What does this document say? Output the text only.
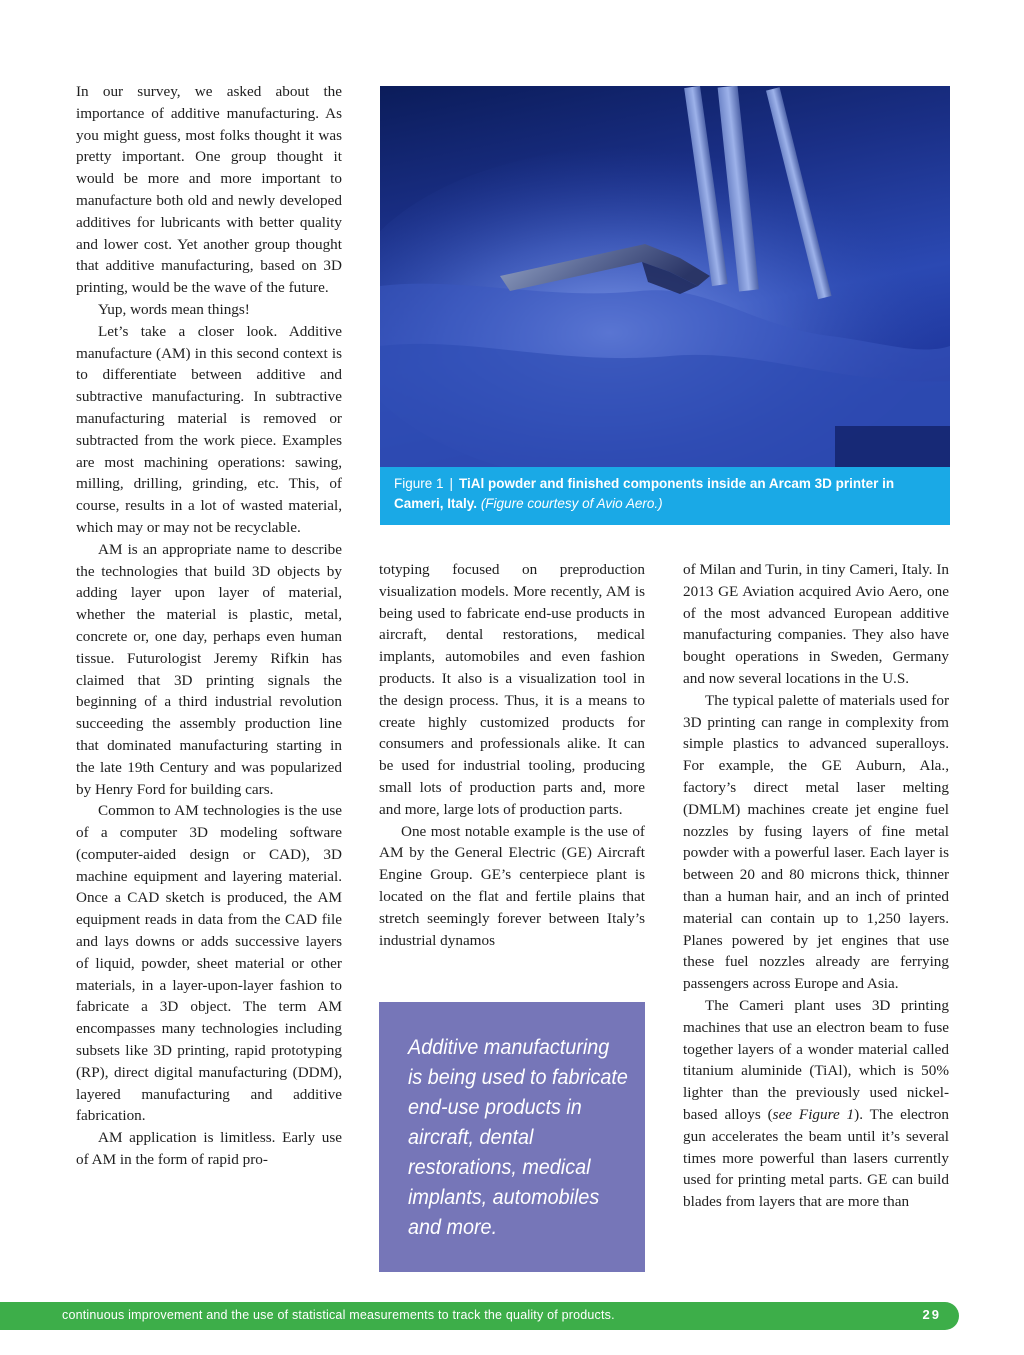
In our survey, we asked about the importance of additive manufacturing. As you might guess, most folks thought it was pretty important. One group thought it would be more and more important to manufacture both old and newly developed additives for lubricants with better quality and lower cost. Yet another group thought that additive manufacturing, based on 3D printing, would be the wave of the future.

Yup, words mean things!

Let’s take a closer look. Additive manufacture (AM) in this second context is to differentiate between additive and subtractive manufacturing. In subtractive manufacturing material is removed or subtracted from the work piece. Examples are most machining operations: sawing, milling, drilling, grinding, etc. This, of course, results in a lot of wasted material, which may or may not be recyclable.

AM is an appropriate name to describe the technologies that build 3D objects by adding layer upon layer of material, whether the material is plastic, metal, concrete or, one day, perhaps even human tissue. Futurologist Jeremy Rifkin has claimed that 3D printing signals the beginning of a third industrial revolution succeeding the assembly production line that dominated manufacturing starting in the late 19th Century and was popularized by Henry Ford for building cars.

Common to AM technologies is the use of a computer 3D modeling software (computer-aided design or CAD), 3D machine equipment and layering material. Once a CAD sketch is produced, the AM equipment reads in data from the CAD file and lays downs or adds successive layers of liquid, powder, sheet material or other materials, in a layer-upon-layer fashion to fabricate a 3D object. The term AM encompasses many technologies including subsets like 3D printing, rapid prototyping (RP), direct digital manufacturing (DDM), layered manufacturing and additive fabrication.

AM application is limitless. Early use of AM in the form of rapid pro-

Figure 1 | TiAl powder and finished components inside an Arcam 3D printer in Cameri, Italy. (Figure courtesy of Avio Aero.)

totyping focused on preproduction visualization models. More recently, AM is being used to fabricate end-use products in aircraft, dental restorations, medical implants, automobiles and even fashion products. It also is a visualization tool in the design process. Thus, it is a means to create highly customized products for consumers and professionals alike. It can be used for industrial tooling, producing small lots of production parts and, more and more, large lots of production parts.

One most notable example is the use of AM by the General Electric (GE) Aircraft Engine Group. GE’s centerpiece plant is located on the flat and fertile plains that stretch seemingly forever between Italy’s industrial dynamos

Additive manufacturing is being used to fabricate end-use products in aircraft, dental restorations, medical implants, automobiles and more.

of Milan and Turin, in tiny Cameri, Italy. In 2013 GE Aviation acquired Avio Aero, one of the most advanced European additive manufacturing companies. They also have bought operations in Sweden, Germany and now several locations in the U.S.

The typical palette of materials used for 3D printing can range in complexity from simple plastics to advanced superalloys. For example, the GE Auburn, Ala., factory’s direct metal laser melting (DMLM) machines create jet engine fuel nozzles by fusing layers of fine metal powder with a powerful laser. Each layer is between 20 and 80 microns thick, thinner than a human hair, and an inch of printed material can contain up to 1,250 layers. Planes powered by jet engines that use these fuel nozzles already are ferrying passengers across Europe and Asia.

The Cameri plant uses 3D printing machines that use an electron beam to fuse together layers of a wonder material called titanium aluminide (TiAl), which is 50% lighter than the previously used nickel-based alloys (see Figure 1). The electron gun accelerates the beam until it’s several times more powerful than lasers currently used for printing metal parts. GE can build blades from layers that are more than

continuous improvement and the use of statistical measurements to track the quality of products.	29
